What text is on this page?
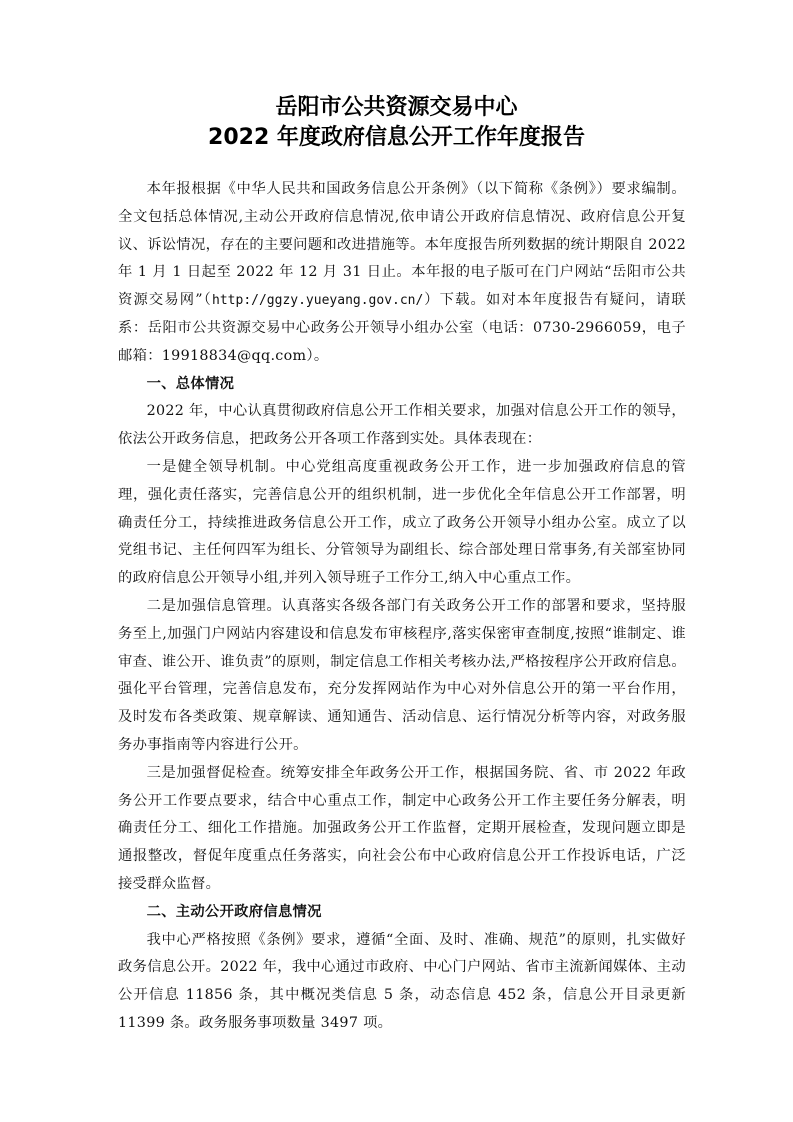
岳阳市公共资源交易中心
2022 年度政府信息公开工作年度报告

本年报根据《中华人民共和国政务信息公开条例》（以下简称《条例》）要求编制。全文包括总体情况,主动公开政府信息情况,依申请公开政府信息情况、政府信息公开复议、诉讼情况，存在的主要问题和改进措施等。本年度报告所列数据的统计期限自 2022 年 1 月 1 日起至 2022 年 12 月 31 日止。本年报的电子版可在门户网站“岳阳市公共资源交易网”（http://ggzy.yueyang.gov.cn/）下载。如对本年度报告有疑问，请联系：岳阳市公共资源交易中心政务公开领导小组办公室（电话：0730-2966059，电子邮箱：19918834@qq.com）。

一、总体情况

2022 年，中心认真贯彻政府信息公开工作相关要求，加强对信息公开工作的领导，依法公开政务信息，把政务公开各项工作落到实处。具体表现在：

一是健全领导机制。中心党组高度重视政务公开工作，进一步加强政府信息的管理，强化责任落实，完善信息公开的组织机制，进一步优化全年信息公开工作部署，明确责任分工，持续推进政务信息公开工作，成立了政务公开领导小组办公室。成立了以党组书记、主任何四军为组长、分管领导为副组长、综合部处理日常事务,有关部室协同的政府信息公开领导小组,并列入领导班子工作分工,纳入中心重点工作。

二是加强信息管理。认真落实各级各部门有关政务公开工作的部署和要求，坚持服务至上,加强门户网站内容建设和信息发布审核程序,落实保密审查制度,按照“谁制定、谁审查、谁公开、谁负责”的原则，制定信息工作相关考核办法,严格按程序公开政府信息。强化平台管理，完善信息发布，充分发挥网站作为中心对外信息公开的第一平台作用，及时发布各类政策、规章解读、通知通告、活动信息、运行情况分析等内容，对政务服务办事指南等内容进行公开。

三是加强督促检查。统筹安排全年政务公开工作，根据国务院、省、市 2022 年政务公开工作要点要求，结合中心重点工作，制定中心政务公开工作主要任务分解表，明确责任分工、细化工作措施。加强政务公开工作监督，定期开展检查，发现问题立即是通报整改，督促年度重点任务落实，向社会公布中心政府信息公开工作投诉电话，广泛接受群众监督。

二、主动公开政府信息情况

我中心严格按照《条例》要求，遵循“全面、及时、准确、规范”的原则，扎实做好政务信息公开。2022 年，我中心通过市政府、中心门户网站、省市主流新闻媒体、主动公开信息 11856 条，其中概况类信息 5 条，动态信息 452 条，信息公开目录更新 11399 条。政务服务事项数量 3497 项。
